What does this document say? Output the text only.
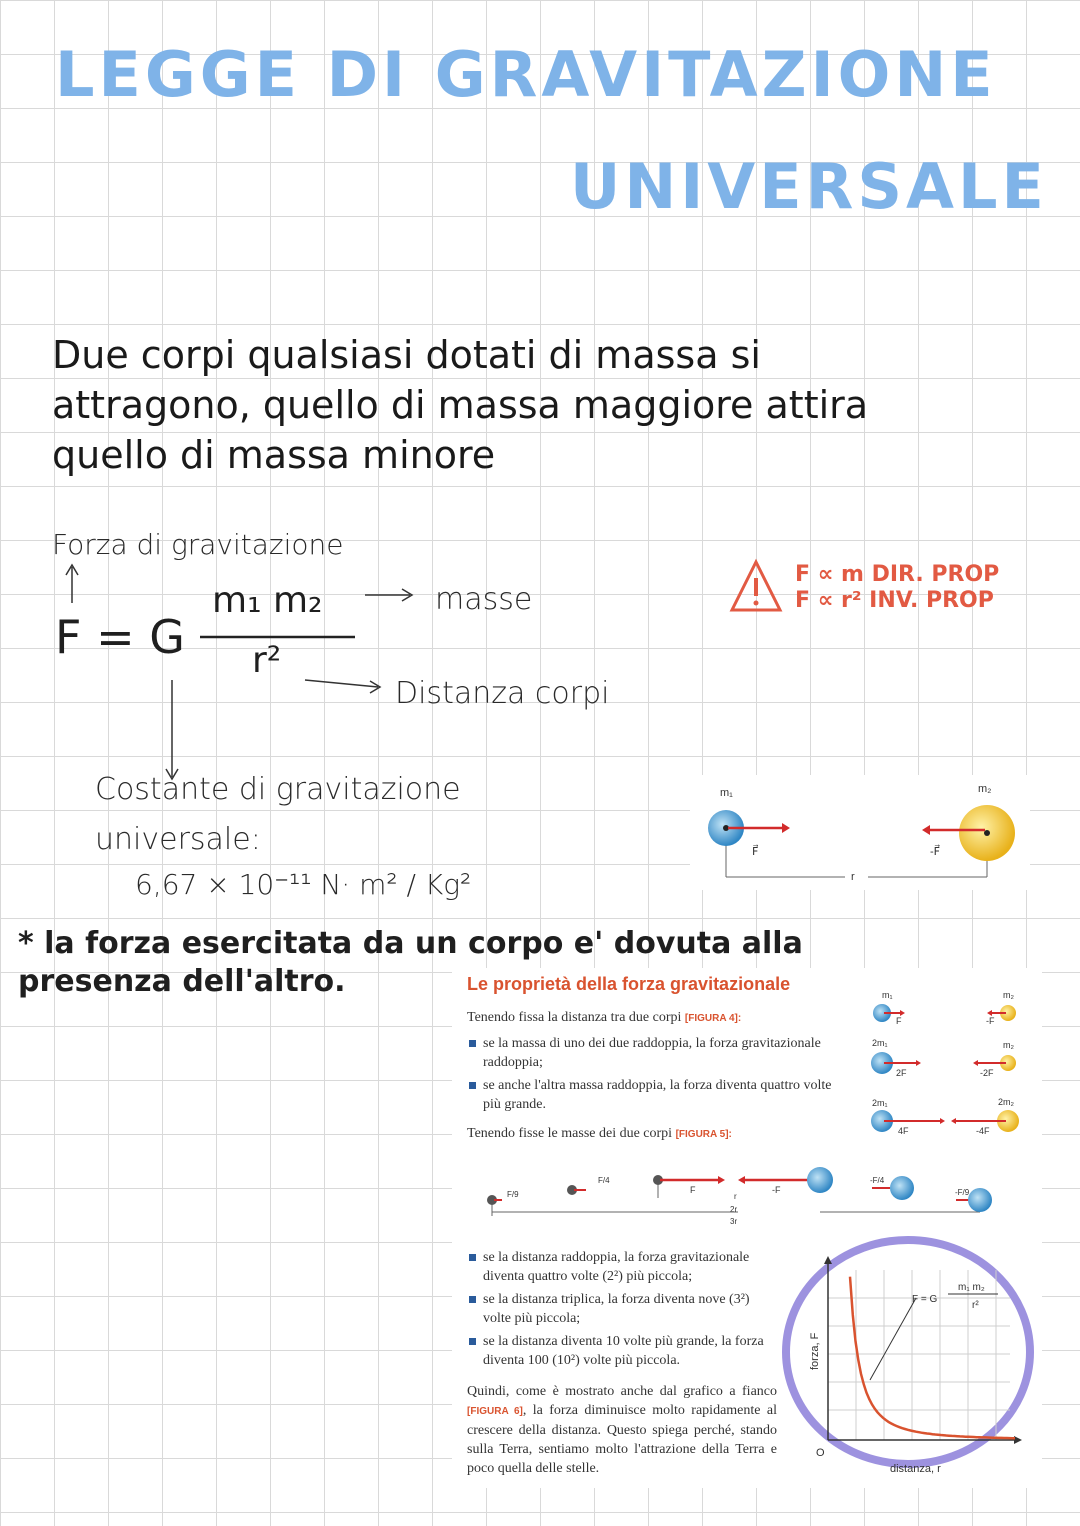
LEGGE DI GRAVITAZIONE
UNIVERSALE
Due corpi qualsiasi dotati di massa si
attragono, quello di massa maggiore attira
quello di massa minore
Forza di gravitazione
F = G
m₁ m₂
r²
masse
Distanza corpi
Costante di gravitazione
universale:
6,67 × 10⁻¹¹ N· m² / Kg²
F ∝ m DIR. PROP
F ∝ r² INV. PROP
m₁	m₂
F⃗	-F⃗
r
* la forza esercitata da un corpo e' dovuta alla
presenza dell'altro.	Le proprietà della forza gravitazionale
Tenendo fissa la distanza tra due corpi [FIGURA 4]:
se la massa di uno dei due raddoppia, la forza gravitazionale raddoppia;
se anche l'altra massa raddoppia, la forza diventa quattro volte più grande.
Tenendo fisse le masse dei due corpi [FIGURA 5]:
m₁
F
m₂
-F
2m₁
2F
m₂
-2F
2m₁
4F
2m₂
-4F
F/9
F/4
F	-F
-F/4
-F/9
r
2r
3r
se la distanza raddoppia, la forza gravitazionale diventa quattro volte (2²) più piccola;
se la distanza triplica, la forza diventa nove (3²) volte più piccola;
se la distanza diventa 10 volte più grande, la forza diventa 100 (10²) volte più piccola.
Quindi, come è mostrato anche dal grafico a fianco [FIGURA 6], la forza diminuisce molto rapidamente al crescere della distanza. Questo spiega perché, stando sulla Terra, sentiamo molto l'attrazione della Terra e poco quella delle stelle.
F = G
m₁ m₂
r²
forza, F
distanza, r
O
